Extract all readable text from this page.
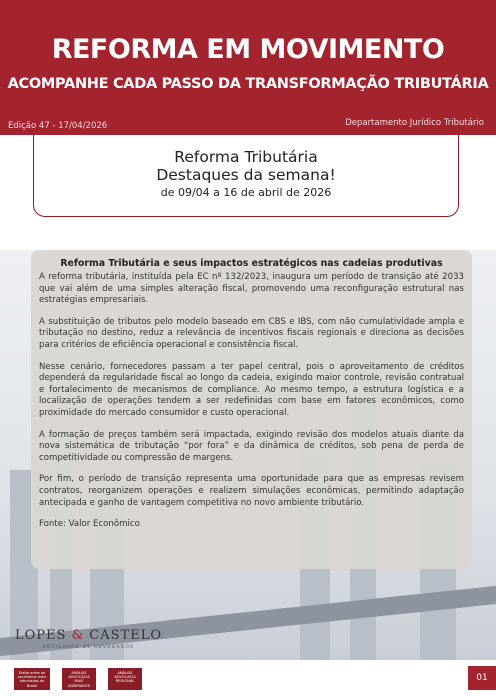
REFORMA EM MOVIMENTO
ACOMPANHE CADA PASSO DA TRANSFORMAÇÃO TRIBUTÁRIA
Edição 47 - 17/04/2026	Departamento Jurídico Tributário
Reforma Tributária
Destaques da semana!
de 09/04 a 16 de abril de 2026
Reforma Tributária e seus impactos estratégicos nas cadeias produtivas

A reforma tributária, instituída pela EC nº 132/2023, inaugura um período de transição até 2033 que vai além de uma simples alteração fiscal, promovendo uma reconfiguração estrutural nas estratégias empresariais.

A substituição de tributos pelo modelo baseado em CBS e IBS, com não cumulatividade ampla e tributação no destino, reduz a relevância de incentivos fiscais regionais e direciona as decisões para critérios de eficiência operacional e consistência fiscal.

Nesse cenário, fornecedores passam a ter papel central, pois o aproveitamento de créditos dependerá da regularidade fiscal ao longo da cadeia, exigindo maior controle, revisão contratual e fortalecimento de mecanismos de compliance. Ao mesmo tempo, a estrutura logística e a localização de operações tendem a ser redefinidas com base em fatores econômicos, como proximidade do mercado consumidor e custo operacional.

A formação de preços também será impactada, exigindo revisão dos modelos atuais diante da nova sistemática de tributação “por fora” e da dinâmica de créditos, sob pena de perda de competitividade ou compressão de margens.

Por fim, o período de transição representa uma oportunidade para que as empresas revisem contratos, reorganizem operações e realizem simulações econômicas, permitindo adaptação antecipada e ganho de vantagem competitiva no novo ambiente tributário.

Fonte: Valor Econômico

LOPES & CASTELO
SOCIEDADE DE ADVOGADOS
Eleito entre os escritórios mais admirados do Brasil
ANÁLISE ADVOCACIA MAIS ADMIRADOS
ANÁLISE ADVOCACIA REGIONAL	01
